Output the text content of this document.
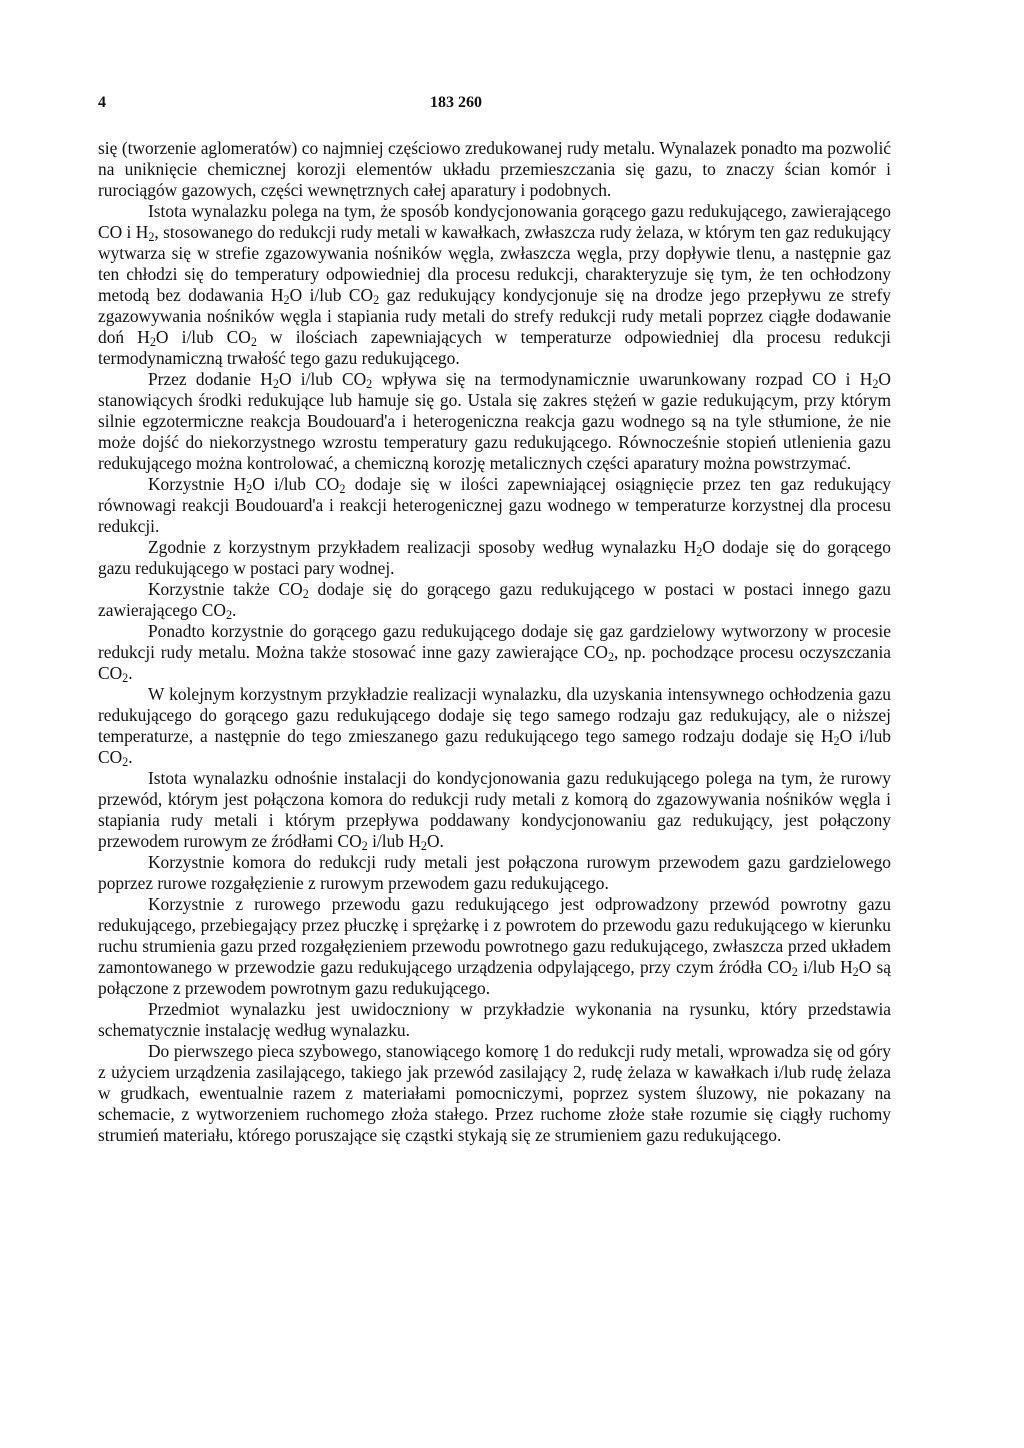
4	183 260

się (tworzenie aglomeratów) co najmniej częściowo zredukowanej rudy metalu. Wynalazek ponadto ma pozwolić na uniknięcie chemicznej korozji elementów układu przemieszczania się gazu, to znaczy ścian komór i rurociągów gazowych, części wewnętrznych całej aparatury i podobnych.

Istota wynalazku polega na tym, że sposób kondycjonowania gorącego gazu redukującego, zawierającego CO i $H_2$, stosowanego do redukcji rudy metali w kawałkach, zwłaszcza rudy żelaza, w którym ten gaz redukujący wytwarza się w strefie zgazowywania nośników węgla, zwłaszcza węgla, przy dopływie tlenu, a następnie gaz ten chłodzi się do temperatury odpowiedniej dla procesu redukcji, charakteryzuje się tym, że ten ochłodzony metodą bez dodawania $H_2O$ i/lub $CO_2$ gaz redukujący kondycjonuje się na drodze jego przepływu ze strefy zgazowywania nośników węgla i stapiania rudy metali do strefy redukcji rudy metali poprzez ciągłe dodawanie doń $H_2O$ i/lub $CO_2$ w ilościach zapewniających w temperaturze odpowiedniej dla procesu redukcji termodynamiczną trwałość tego gazu redukującego.

Przez dodanie $H_2O$ i/lub $CO_2$ wpływa się na termodynamicznie uwarunkowany rozpad CO i $H_2O$ stanowiących środki redukujące lub hamuje się go. Ustala się zakres stężeń w gazie redukującym, przy którym silnie egzotermiczne reakcja Boudouard'a i heterogeniczna reakcja gazu wodnego są na tyle stłumione, że nie może dojść do niekorzystnego wzrostu temperatury gazu redukującego. Równocześnie stopień utlenienia gazu redukującego można kontrolować, a chemiczną korozję metalicznych części aparatury można powstrzymać.

Korzystnie $H_2O$ i/lub $CO_2$ dodaje się w ilości zapewniającej osiągnięcie przez ten gaz redukujący równowagi reakcji Boudouard'a i reakcji heterogenicznej gazu wodnego w temperaturze korzystnej dla procesu redukcji.

Zgodnie z korzystnym przykładem realizacji sposoby według wynalazku $H_2O$ dodaje się do gorącego gazu redukującego w postaci pary wodnej.

Korzystnie także $CO_2$ dodaje się do gorącego gazu redukującego w postaci w postaci innego gazu zawierającego $CO_2$.

Ponadto korzystnie do gorącego gazu redukującego dodaje się gaz gardzielowy wytworzony w procesie redukcji rudy metalu. Można także stosować inne gazy zawierające $CO_2$, np. pochodzące procesu oczyszczania $CO_2$.

W kolejnym korzystnym przykładzie realizacji wynalazku, dla uzyskania intensywnego ochłodzenia gazu redukującego do gorącego gazu redukującego dodaje się tego samego rodzaju gaz redukujący, ale o niższej temperaturze, a następnie do tego zmieszanego gazu redukującego tego samego rodzaju dodaje się $H_2O$ i/lub $CO_2$.

Istota wynalazku odnośnie instalacji do kondycjonowania gazu redukującego polega na tym, że rurowy przewód, którym jest połączona komora do redukcji rudy metali z komorą do zgazowywania nośników węgla i stapiania rudy metali i którym przepływa poddawany kondycjonowaniu gaz redukujący, jest połączony przewodem rurowym ze źródłami $CO_2$ i/lub $H_2O$.

Korzystnie komora do redukcji rudy metali jest połączona rurowym przewodem gazu gardzielowego poprzez rurowe rozgałęzienie z rurowym przewodem gazu redukującego.

Korzystnie z rurowego przewodu gazu redukującego jest odprowadzony przewód powrotny gazu redukującego, przebiegający przez płuczkę i sprężarkę i z powrotem do przewodu gazu redukującego w kierunku ruchu strumienia gazu przed rozgałęzieniem przewodu powrotnego gazu redukującego, zwłaszcza przed układem zamontowanego w przewodzie gazu redukującego urządzenia odpylającego, przy czym źródła $CO_2$ i/lub $H_2O$ są połączone z przewodem powrotnym gazu redukującego.

Przedmiot wynalazku jest uwidoczniony w przykładzie wykonania na rysunku, który przedstawia schematycznie instalację według wynalazku.

Do pierwszego pieca szybowego, stanowiącego komorę 1 do redukcji rudy metali, wprowadza się od góry z użyciem urządzenia zasilającego, takiego jak przewód zasilający 2, rudę żelaza w kawałkach i/lub rudę żelaza w grudkach, ewentualnie razem z materiałami pomocniczymi, poprzez system śluzowy, nie pokazany na schemacie, z wytworzeniem ruchomego złoża stałego. Przez ruchome złoże stałe rozumie się ciągły ruchomy strumień materiału, którego poruszające się cząstki stykają się ze strumieniem gazu redukującego.
